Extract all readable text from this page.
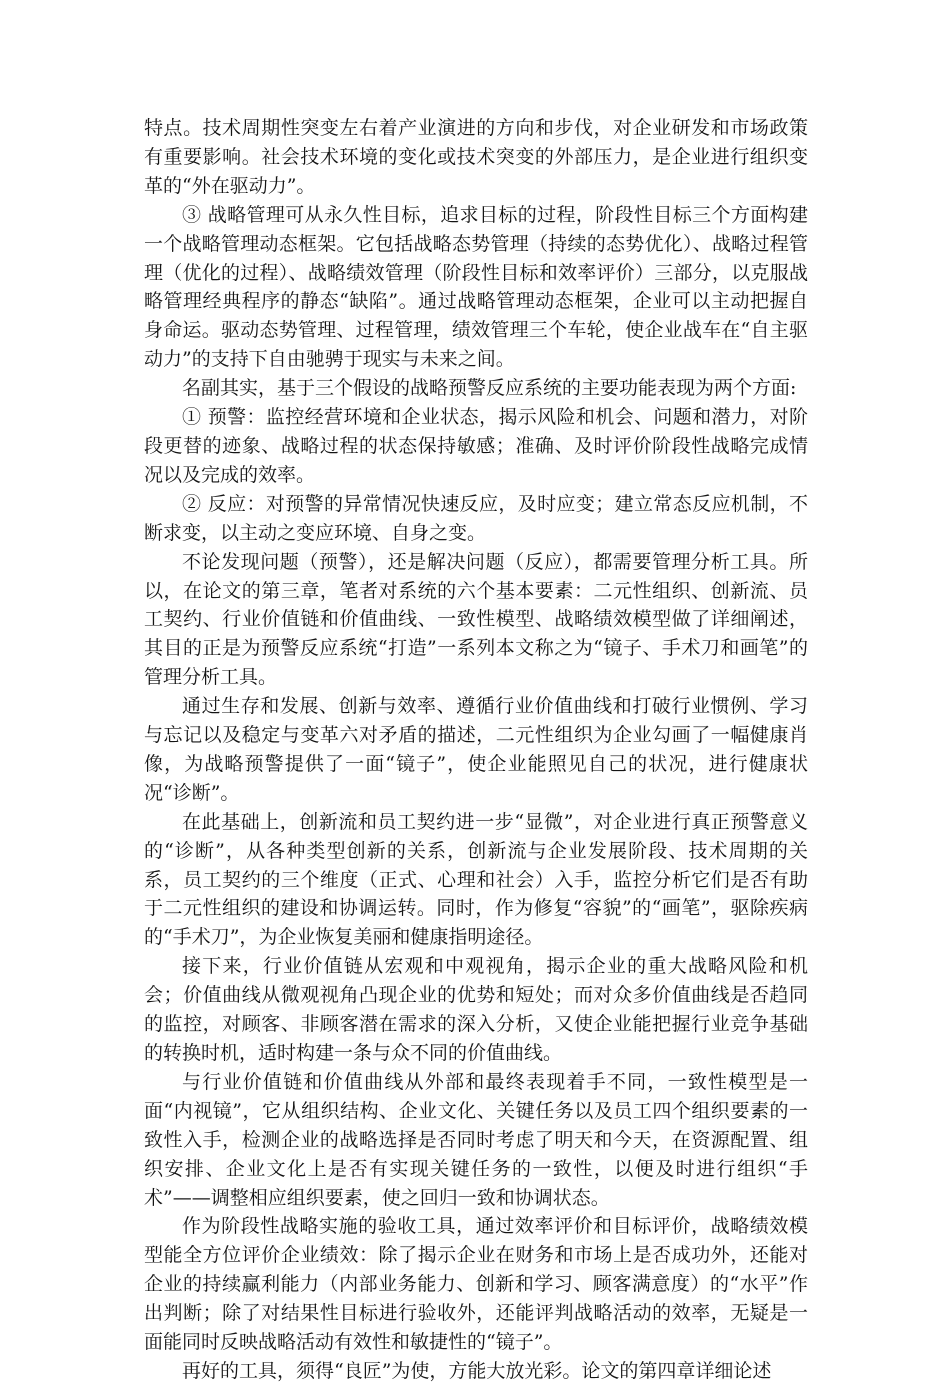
特点。技术周期性突变左右着产业演进的方向和步伐，对企业研发和市场政策有重要影响。社会技术环境的变化或技术突变的外部压力，是企业进行组织变革的“外在驱动力”。

③ 战略管理可从永久性目标，追求目标的过程，阶段性目标三个方面构建一个战略管理动态框架。它包括战略态势管理（持续的态势优化）、战略过程管理（优化的过程）、战略绩效管理（阶段性目标和效率评价）三部分，以克服战略管理经典程序的静态“缺陷”。通过战略管理动态框架，企业可以主动把握自身命运。驱动态势管理、过程管理，绩效管理三个车轮，使企业战车在“自主驱动力”的支持下自由驰骋于现实与未来之间。

名副其实，基于三个假设的战略预警反应系统的主要功能表现为两个方面:

① 预警：监控经营环境和企业状态，揭示风险和机会、问题和潜力，对阶段更替的迹象、战略过程的状态保持敏感；准确、及时评价阶段性战略完成情况以及完成的效率。

② 反应：对预警的异常情况快速反应，及时应变；建立常态反应机制，不断求变，以主动之变应环境、自身之变。

不论发现问题（预警），还是解决问题（反应），都需要管理分析工具。所以，在论文的第三章，笔者对系统的六个基本要素：二元性组织、创新流、员工契约、行业价值链和价值曲线、一致性模型、战略绩效模型做了详细阐述，其目的正是为预警反应系统“打造”一系列本文称之为“镜子、手术刀和画笔”的管理分析工具。

通过生存和发展、创新与效率、遵循行业价值曲线和打破行业惯例、学习与忘记以及稳定与变革六对矛盾的描述，二元性组织为企业勾画了一幅健康肖像，为战略预警提供了一面“镜子”，使企业能照见自己的状况，进行健康状况“诊断”。

在此基础上，创新流和员工契约进一步“显微”，对企业进行真正预警意义的“诊断”，从各种类型创新的关系，创新流与企业发展阶段、技术周期的关系，员工契约的三个维度（正式、心理和社会）入手，监控分析它们是否有助于二元性组织的建设和协调运转。同时，作为修复“容貌”的“画笔”，驱除疾病的“手术刀”，为企业恢复美丽和健康指明途径。

接下来，行业价值链从宏观和中观视角，揭示企业的重大战略风险和机会；价值曲线从微观视角凸现企业的优势和短处；而对众多价值曲线是否趋同的监控，对顾客、非顾客潜在需求的深入分析，又使企业能把握行业竞争基础的转换时机，适时构建一条与众不同的价值曲线。

与行业价值链和价值曲线从外部和最终表现着手不同，一致性模型是一面“内视镜”，它从组织结构、企业文化、关键任务以及员工四个组织要素的一致性入手，检测企业的战略选择是否同时考虑了明天和今天，在资源配置、组织安排、企业文化上是否有实现关键任务的一致性，以便及时进行组织“手术”——调整相应组织要素，使之回归一致和协调状态。

作为阶段性战略实施的验收工具，通过效率评价和目标评价，战略绩效模型能全方位评价企业绩效：除了揭示企业在财务和市场上是否成功外，还能对企业的持续赢利能力（内部业务能力、创新和学习、顾客满意度）的“水平”作出判断；除了对结果性目标进行验收外，还能评判战略活动的效率，无疑是一面能同时反映战略活动有效性和敏捷性的“镜子”。

再好的工具，须得“良匠”为使，方能大放光彩。论文的第四章详细论述
